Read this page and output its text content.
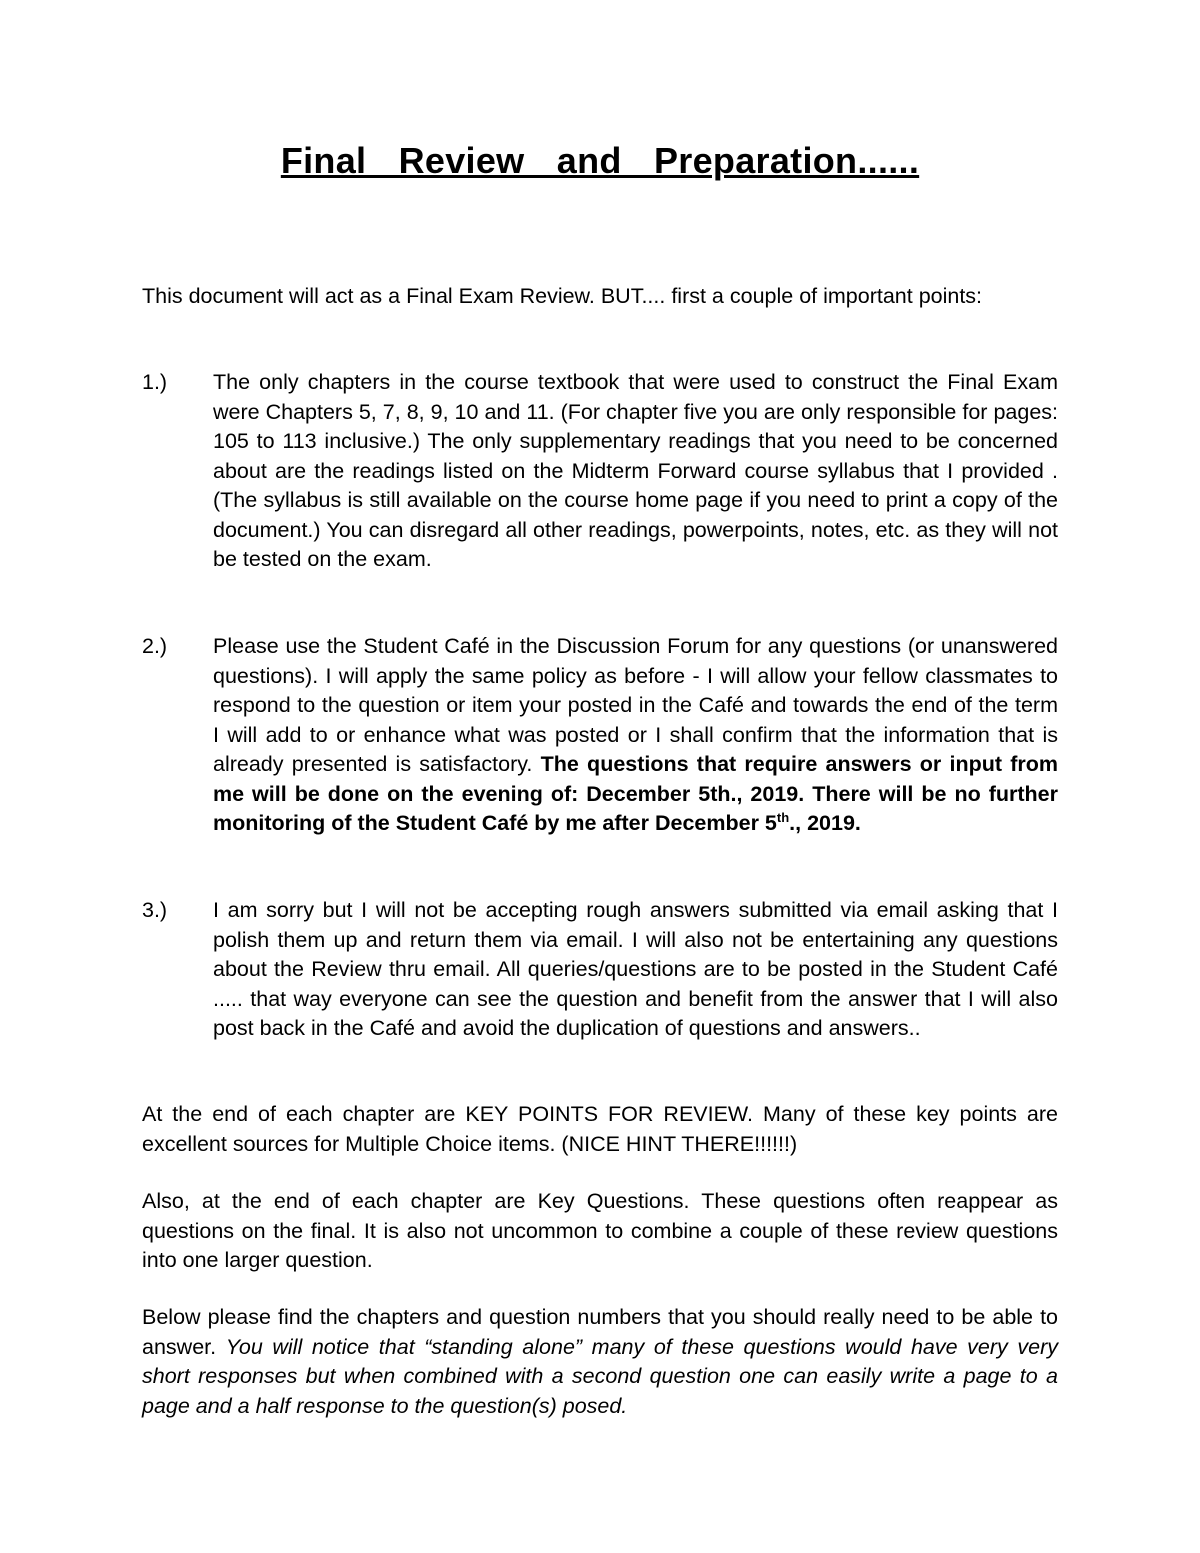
Final Review and Preparation......
This document will act as a Final Exam Review. BUT.... first a couple of important points:
1.)	The only chapters in the course textbook that were used to construct the Final Exam were Chapters 5, 7, 8, 9, 10 and 11. (For chapter five you are only responsible for pages: 105 to 113 inclusive.) The only supplementary readings that you need to be concerned about are the readings listed on the Midterm Forward course syllabus that I provided . (The syllabus is still available on the course home page if you need to print a copy of the document.) You can disregard all other readings, powerpoints, notes, etc. as they will not be tested on the exam.
2.)	Please use the Student Café in the Discussion Forum for any questions (or unanswered questions). I will apply the same policy as before - I will allow your fellow classmates to respond to the question or item your posted in the Café and towards the end of the term I will add to or enhance what was posted or I shall confirm that the information that is already presented is satisfactory. The questions that require answers or input from me will be done on the evening of: December 5th., 2019. There will be no further monitoring of the Student Café by me after December 5th., 2019.
3.)	I am sorry but I will not be accepting rough answers submitted via email asking that I polish them up and return them via email. I will also not be entertaining any questions about the Review thru email. All queries/questions are to be posted in the Student Café ..... that way everyone can see the question and benefit from the answer that I will also post back in the Café and avoid the duplication of questions and answers..
At the end of each chapter are KEY POINTS FOR REVIEW. Many of these key points are excellent sources for Multiple Choice items. (NICE HINT THERE!!!!!!)
Also, at the end of each chapter are Key Questions. These questions often reappear as questions on the final. It is also not uncommon to combine a couple of these review questions into one larger question.
Below please find the chapters and question numbers that you should really need to be able to answer. You will notice that “standing alone” many of these questions would have very very short responses but when combined with a second question one can easily write a page to a page and a half response to the question(s) posed.
